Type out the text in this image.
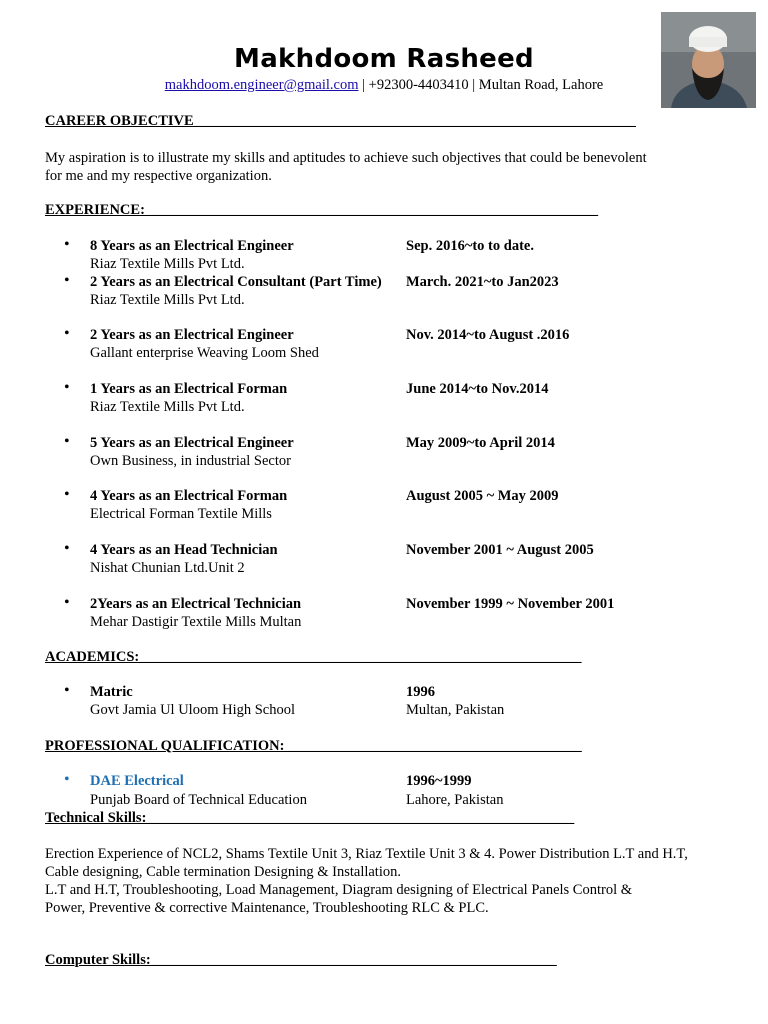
Makhdoom Rasheed
makhdoom.engineer@gmail.com | +92300-4403410 | Multan Road, Lahore
CAREER OBJECTIVE_____________________________________________________________
My aspiration is to illustrate my skills and aptitudes to achieve such objectives that could be benevolent
for me and my respective organization.
EXPERIENCE: ______________________________________________________________
• 8 Years as an Electrical Engineer	Sep. 2016~to to date.
Riaz Textile Mills Pvt Ltd.
• 2 Years as an Electrical Consultant (Part Time) March. 2021~to Jan2023
Riaz Textile Mills Pvt Ltd.
• 2 Years as an Electrical Engineer	Nov. 2014~to August .2016
Gallant enterprise Weaving Loom Shed
• 1 Years as an Electrical Forman	June 2014~to Nov.2014
Riaz Textile Mills Pvt Ltd.
• 5 Years as an Electrical Engineer	May 2009~to April 2014
Own Business, in industrial Sector
• 4 Years as an Electrical Forman	August 2005 ~ May 2009
Electrical Forman Textile Mills
• 4 Years as an Head Technician	November 2001 ~ August 2005
Nishat Chunian Ltd.Unit 2
• 2Years as an Electrical Technician	November 1999 ~ November 2001
Mehar Dastigir Textile Mills Multan
ACADEMICS:_____________________________________________________________
• Matric	1996
Govt Jamia Ul Uloom High School	Multan, Pakistan
PROFESSIONAL QUALIFICATION:_________________________________________
• DAE Electrical	1996~1999
Punjab Board of Technical Education	Lahore, Pakistan
Technical Skills:___________________________________________________________
Erection Experience of NCL2, Shams Textile Unit 3, Riaz Textile Unit 3 & 4. Power Distribution L.T and H.T,
Cable designing, Cable termination Designing & Installation.
L.T and H.T, Troubleshooting, Load Management, Diagram designing of Electrical Panels Control &
Power, Preventive & corrective Maintenance, Troubleshooting RLC & PLC.
Computer Skills:________________________________________________________
